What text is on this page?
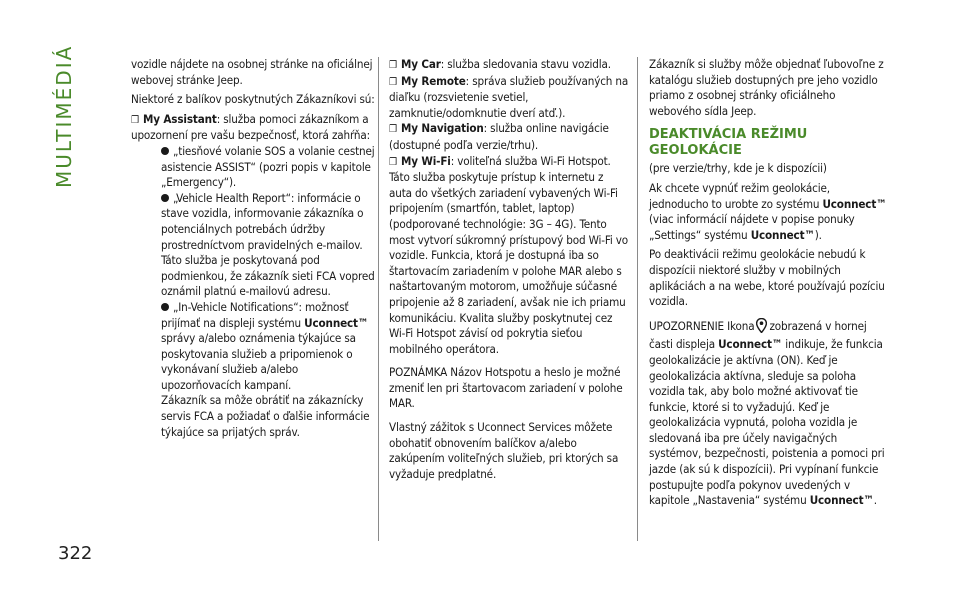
MULTIMÉDIÁ
322

vozidle nájdete na osobnej stránke na oficiálnej webovej stránke Jeep.

Niektoré z balíkov poskytnutých Zákazníkovi sú:

❒ My Assistant: služba pomoci zákazníkom a upozornení pre vašu bezpečnosť, ktorá zahŕňa:

„tiesňové volanie SOS a volanie cestnej asistencie ASSIST“ (pozri popis v kapitole „Emergency“).

„Vehicle Health Report“: informácie o stave vozidla, informovanie zákazníka o potenciálnych potrebách údržby prostredníctvom pravidelných e-mailov. Táto služba je poskytovaná pod podmienkou, že zákazník sieti FCA vopred oznámil platnú e-mailovú adresu.

„In-Vehicle Notifications“: možnosť prijímať na displeji systému Uconnect™ správy a/alebo oznámenia týkajúce sa poskytovania služieb a pripomienok o vykonávaní služieb a/alebo upozorňovacích kampaní.

Zákazník sa môže obrátiť na zákaznícky servis FCA a požiadať o ďalšie informácie týkajúce sa prijatých správ.

❒ My Car: služba sledovania stavu vozidla.

❒ My Remote: správa služieb používaných na diaľku (rozsvietenie svetiel, zamknutie/odomknutie dverí atď.).

❒ My Navigation: služba online navigácie (dostupné podľa verzie/trhu).

❒ My Wi-Fi: voliteľná služba Wi-Fi Hotspot. Táto služba poskytuje prístup k internetu z auta do všetkých zariadení vybavených Wi-Fi pripojením (smartfón, tablet, laptop) (podporované technológie: 3G – 4G). Tento most vytvorí súkromný prístupový bod Wi-Fi vo vozidle. Funkcia, ktorá je dostupná iba so štartovacím zariadením v polohe MAR alebo s naštartovaným motorom, umožňuje súčasné pripojenie až 8 zariadení, avšak nie ich priamu komunikáciu. Kvalita služby poskytnutej cez Wi-Fi Hotspot závisí od pokrytia sieťou mobilného operátora.

POZNÁMKA Názov Hotspotu a heslo je možné zmeniť len pri štartovacom zariadení v polohe MAR.

Vlastný zážitok s Uconnect Services môžete obohatiť obnovením balíčkov a/alebo zakúpením voliteľných služieb, pri ktorých sa vyžaduje predplatné.

Zákazník si služby môže objednať ľubovoľne z katalógu služieb dostupných pre jeho vozidlo priamo z osobnej stránky oficiálneho webového sídla Jeep.

DEAKTIVÁCIA REŽIMU GEOLOKÁCIE

(pre verzie/trhy, kde je k dispozícii)

Ak chcete vypnúť režim geolokácie, jednoducho to urobte zo systému Uconnect™ (viac informácií nájdete v popise ponuky „Settings“ systému Uconnect™).

Po deaktivácii režimu geolokácie nebudú k dispozícii niektoré služby v mobilných aplikáciách a na webe, ktoré používajú pozíciu vozidla.

UPOZORNENIE Ikona zobrazená v hornej časti displeja Uconnect™ indikuje, že funkcia geolokalizácie je aktívna (ON). Keď je geolokalizácia aktívna, sleduje sa poloha vozidla tak, aby bolo možné aktivovať tie funkcie, ktoré si to vyžadujú. Keď je geolokalizácia vypnutá, poloha vozidla je sledovaná iba pre účely navigačných systémov, bezpečnosti, poistenia a pomoci pri jazde (ak sú k dispozícii). Pri vypínaní funkcie postupujte podľa pokynov uvedených v kapitole „Nastavenia“ systému Uconnect™.
